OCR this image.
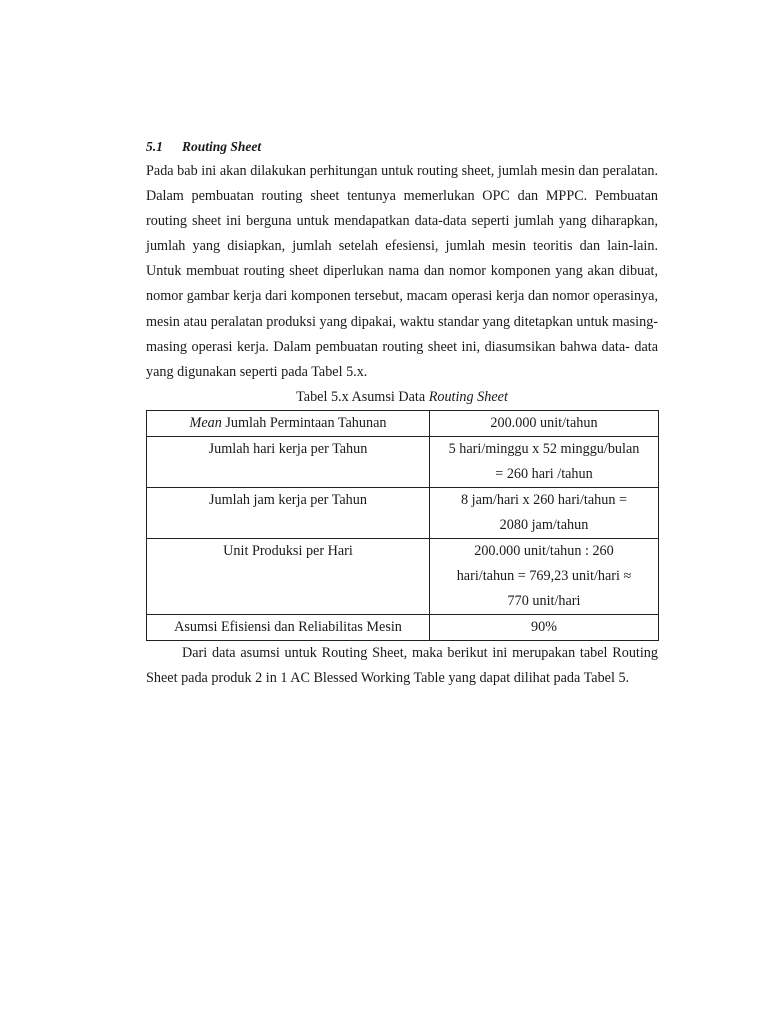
5.1 Routing Sheet

Pada bab ini akan dilakukan perhitungan untuk routing sheet, jumlah mesin dan peralatan. Dalam pembuatan routing sheet tentunya memerlukan OPC dan MPPC. Pembuatan routing sheet ini berguna untuk mendapatkan data-data seperti jumlah yang diharapkan, jumlah yang disiapkan, jumlah setelah efesiensi, jumlah mesin teoritis dan lain-lain. Untuk membuat routing sheet diperlukan nama dan nomor komponen yang akan dibuat, nomor gambar kerja dari komponen tersebut, macam operasi kerja dan nomor operasinya, mesin atau peralatan produksi yang dipakai, waktu standar yang ditetapkan untuk masing- masing operasi kerja. Dalam pembuatan routing sheet ini, diasumsikan bahwa data- data yang digunakan seperti pada Tabel 5.x.

Tabel 5.x Asumsi Data Routing Sheet

Mean Jumlah Permintaan Tahunan	200.000 unit/tahun

Jumlah hari kerja per Tahun	5 hari/minggu x 52 minggu/bulan
= 260 hari /tahun

Jumlah jam kerja per Tahun	8 jam/hari x 260 hari/tahun =
2080 jam/tahun

Unit Produksi per Hari	200.000 unit/tahun : 260
hari/tahun = 769,23 unit/hari ≈
770 unit/hari

Asumsi Efisiensi dan Reliabilitas Mesin	90%

Dari data asumsi untuk Routing Sheet, maka berikut ini merupakan tabel Routing Sheet pada produk 2 in 1 AC Blessed Working Table yang dapat dilihat pada Tabel 5.
